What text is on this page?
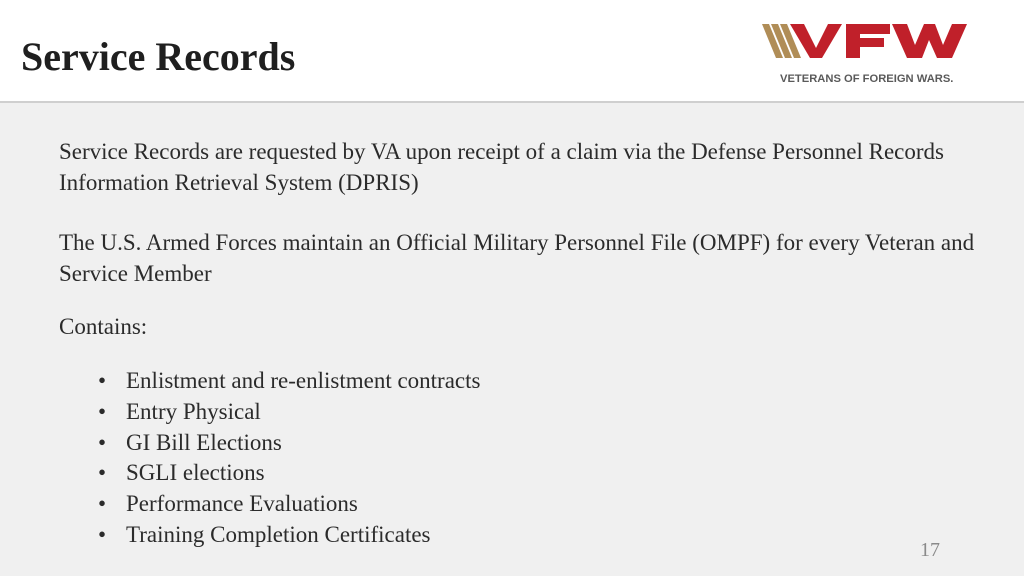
Service Records	VETERANS OF FOREIGN WARS.

Service Records are requested by VA upon receipt of a claim via the Defense Personnel Records Information Retrieval System (DPRIS)

The U.S. Armed Forces maintain an Official Military Personnel File (OMPF) for every Veteran and Service Member

Contains:

• Enlistment and re-enlistment contracts
• Entry Physical
• GI Bill Elections
• SGLI elections
• Performance Evaluations
• Training Completion Certificates
17
